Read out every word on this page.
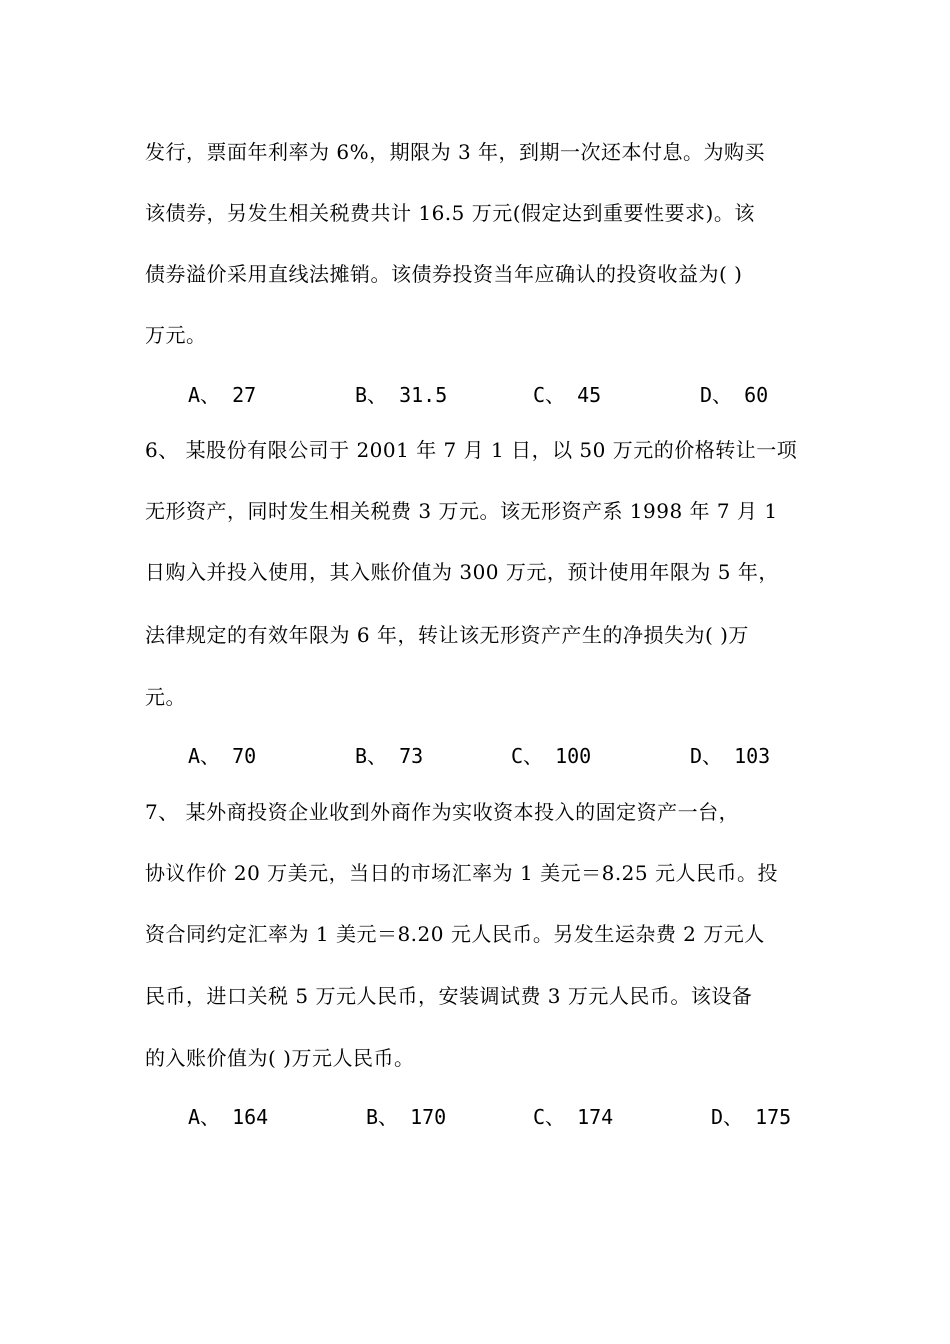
发行，票面年利率为 6%，期限为 3 年，到期一次还本付息。为购买
该债券，另发生相关税费共计 16.5 万元(假定达到重要性要求)。该
债券溢价采用直线法摊销。该债券投资当年应确认的投资收益为( )
万元。
A、 27	B、 31.5	C、 45	D、 60
6、 某股份有限公司于 2001 年 7 月 1 日，以 50 万元的价格转让一项
无形资产，同时发生相关税费 3 万元。该无形资产系 1998 年 7 月 1
日购入并投入使用，其入账价值为 300 万元，预计使用年限为 5 年，
法律规定的有效年限为 6 年，转让该无形资产产生的净损失为( )万
元。
A、 70	B、 73	C、 100	D、 103
7、 某外商投资企业收到外商作为实收资本投入的固定资产一台，
协议作价 20 万美元，当日的市场汇率为 1 美元＝8.25 元人民币。投
资合同约定汇率为 1 美元＝8.20 元人民币。另发生运杂费 2 万元人
民币，进口关税 5 万元人民币，安装调试费 3 万元人民币。该设备
的入账价值为( )万元人民币。
A、 164	B、 170	C、 174	D、 175
